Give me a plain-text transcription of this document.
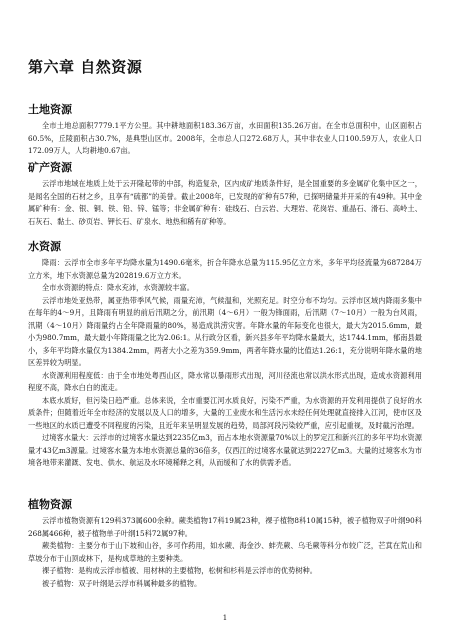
第六章 自然资源
土地资源

全市土地总面积7779.1平方公里。其中耕地面积183.36万亩，水田面积135.26万亩。在全市总面积中，山区面积占60.5%，丘陵面积占30.7%，是典型山区市。2008年，全市总人口272.68万人，其中非农业人口100.59万人，农业人口172.09万人，人均耕地0.67亩。

矿产资源

云浮市地域在地质上处于云开隆起带的中部，构造复杂，区内成矿地质条件好，是全国重要的多金属矿化集中区之一，是闻名全国的石材之乡，且享有“硫都”的美誉。截止2008年，已发现的矿种有57种，已探明储量并开采的有49种。其中金属矿种有：金、银、铜、铁、铅、锌、锰等；非金属矿种有：硅线石、白云岩、大理岩、花岗岩、重晶石、滑石、高岭土、石灰石、黏土、砂页岩、钾长石、矿泉水、地热和稀有矿种等。

水资源

降雨：云浮市全市多年平均降水量为1490.6毫米，折合年降水总量为115.95亿立方米，多年平均径流量为687284万立方米，地下水资源总量为202819.6万立方米。

全市水资源的特点：降水充沛，水资源较丰富。

云浮市地处亚热带，属亚热带季风气候，雨量充沛，气候温和，光照充足。时空分布不均匀。云浮市区域内降雨多集中在每年的4～9月，且降雨有明显的前后汛期之分，前汛期（4～6月）一般为锋面雨，后汛期（7～10月）一般为台风雨，汛期（4～10月）降雨量约占全年降雨量的80%，易造成洪涝灾害。年降水量的年际变化也很大，最大为2015.6mm，最小为980.7mm，最大最小年降雨量之比为2.06:1。从行政分区看，新兴县多年平均降水量最大，达1744.1mm，郁南县最小，多年平均降水量仅为1384.2mm，两者大小之差为359.9mm，两者年降水量的比值达1.26:1，充分说明年降水量的地区差异较为明显。

水资源利用程度低：由于全市地处粤西山区，降水常以暴雨形式出现，河川径流也常以洪水形式出现，造成水资源利用程度不高，降水白白的流走。

本底水质好，但污染日趋严重。总体来说，全市重要江河水质良好，污染不严重，为水资源的开发利用提供了良好的水质条件；但随着近年全市经济的发展以及人口的增多，大量的工业废水和生活污水未经任何处理就直接排入江河，使市区及一些地区的水质已遭受不同程度的污染，且近年来呈明显发展的趋势，局部河段污染较严重，应引起重视，及时截污治理。

过境客水量大：云浮市的过境客水量达到2235亿m3，而占本地水资源量70%以上的罗定江和新兴江的多年平均水资源量才43亿m3源量。过境客水量为本地水资源总量的36倍多，仅西江的过境客水量就达到2227亿m3。大量的过境客水为市境各地带来灌溉、发电、供水、航运及水环境稀释之利，从而缓和了水的供需矛盾。

植物资源

云浮市植物资源有129科373属600余种。蕨类植物17科19属23种，裸子植物8科10属15种，被子植物双子叶纲90科268属466种，被子植物单子叶纲15科72属97种。

蕨类植物：主要分布于山下坡和山谷，多可作药用，如水蕨、海金沙、蚌壳蕨、乌毛蕨等科分布较广泛，芒萁在荒山和草坡分布于山顶或林下，是构成草地的主要种类。

裸子植物：是构成云浮市植被、用材林的主要植物，松树和杉科是云浮市的优势树种。

被子植物：双子叶纲是云浮市科属种最多的植物。

1
